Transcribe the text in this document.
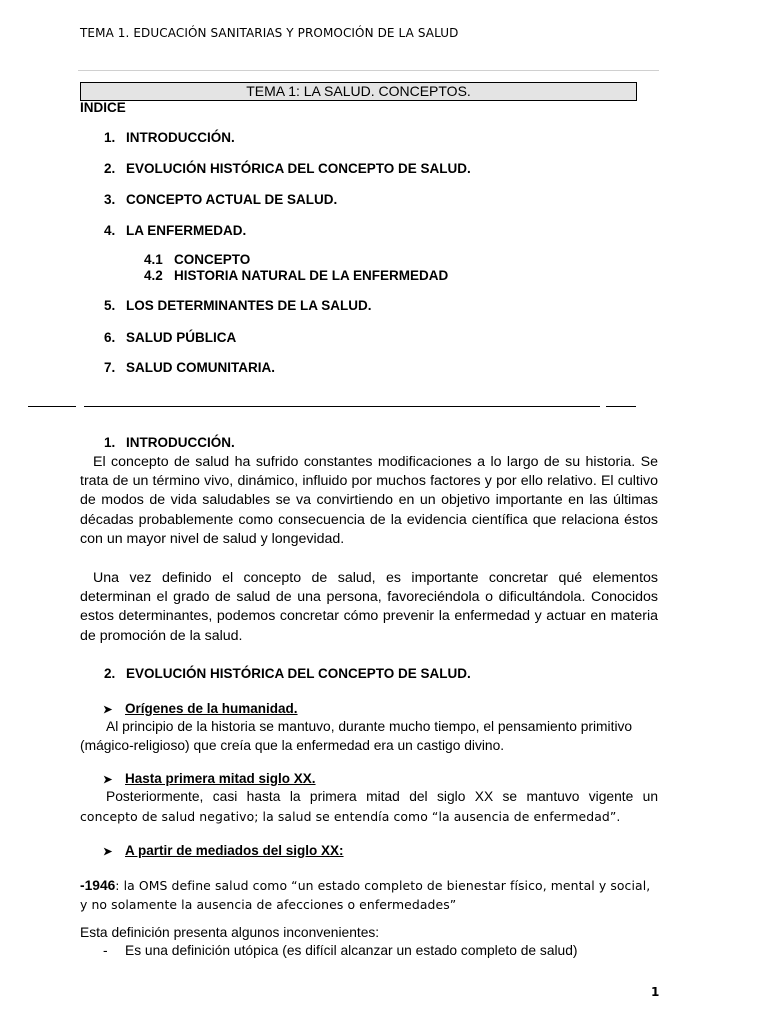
TEMA 1. EDUCACIÓN SANITARIAS Y PROMOCIÓN DE LA SALUD
TEMA 1: LA SALUD. CONCEPTOS.
INDICE
1. INTRODUCCIÓN.
2. EVOLUCIÓN HISTÓRICA DEL CONCEPTO DE SALUD.
3. CONCEPTO ACTUAL DE SALUD.
4. LA ENFERMEDAD.
4.1 CONCEPTO
4.2 HISTORIA NATURAL DE LA ENFERMEDAD
5. LOS DETERMINANTES DE LA SALUD.
6. SALUD PÚBLICA
7. SALUD COMUNITARIA.
1. INTRODUCCIÓN.
El concepto de salud ha sufrido constantes modificaciones a lo largo de su historia. Se trata de un término vivo, dinámico, influido por muchos factores y por ello relativo. El cultivo de modos de vida saludables se va convirtiendo en un objetivo importante en las últimas décadas probablemente como consecuencia de la evidencia científica que relaciona éstos con un mayor nivel de salud y longevidad.
Una vez definido el concepto de salud, es importante concretar qué elementos determinan el grado de salud de una persona, favoreciéndola o dificultándola. Conocidos estos determinantes, podemos concretar cómo prevenir la enfermedad y actuar en materia de promoción de la salud.
2. EVOLUCIÓN HISTÓRICA DEL CONCEPTO DE SALUD.
➤ Orígenes de la humanidad.
Al principio de la historia se mantuvo, durante mucho tiempo, el pensamiento primitivo
(mágico-religioso) que creía que la enfermedad era un castigo divino.
➤ Hasta primera mitad siglo XX.
Posteriormente, casi hasta la primera mitad del siglo XX se mantuvo vigente un
concepto de salud negativo; la salud se entendía como “la ausencia de enfermedad”.
➤ A partir de mediados del siglo XX:
-1946: la OMS define salud como “un estado completo de bienestar físico, mental y social,
y no solamente la ausencia de afecciones o enfermedades”
Esta definición presenta algunos inconvenientes:
- Es una definición utópica (es difícil alcanzar un estado completo de salud)
1
